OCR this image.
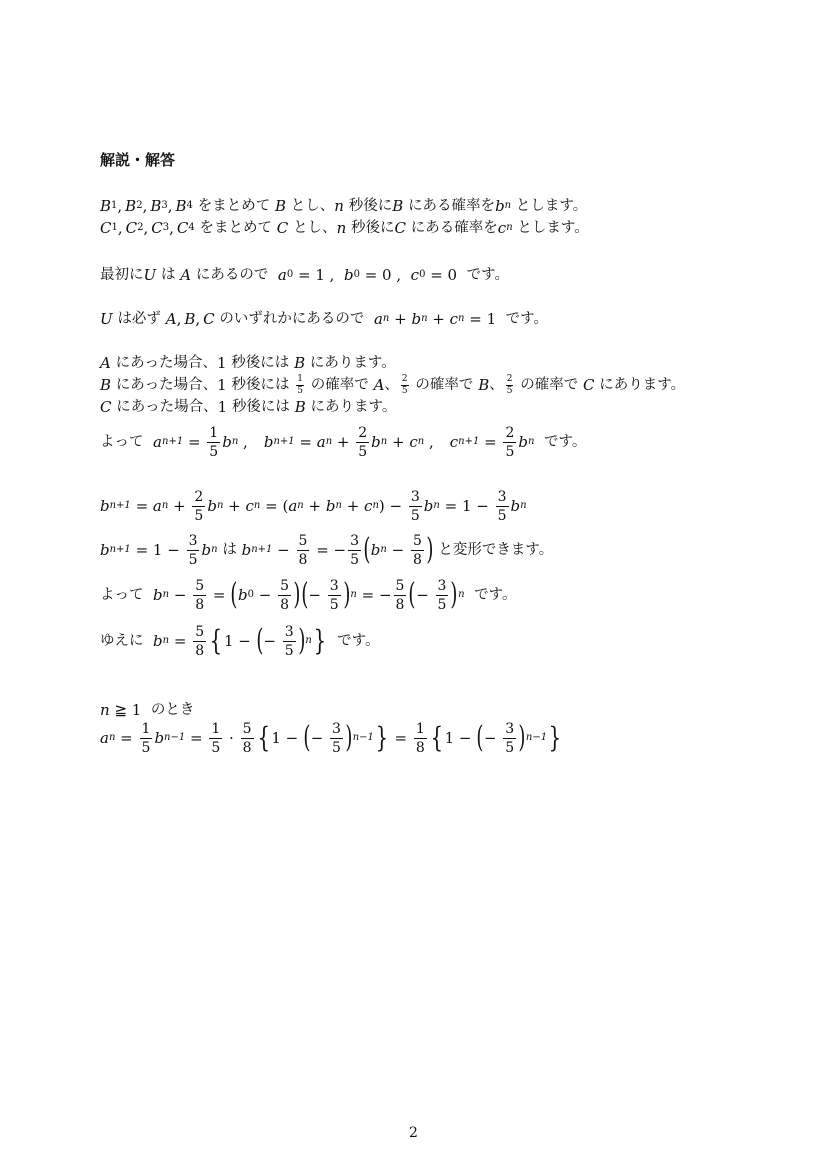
解説・解答
B 1 ,  B 2 ,  B 3 ,  B 4
をまとめて
B
とし、 n
秒後に B
にある確率を b n
とします。
C 1 ,  C 2 ,  C 3 ,  C 4
をまとめて
C
とし、 n
秒後に C
にある確率を c n
とします。
最初に U
は
A
にあるので
a 0 = 1 , b 0 = 0 , c 0 = 0 です。
U
は必ず
A ,  B ,  C
のいずれかにあるので
a n + b n + c n = 1 です。
A
にあった場合、 1 秒後には
B
にあります。
B
にあった場合、 1 秒後には
$\frac{1}{5}$
の確率で
A 、 $\frac{2}{5}$
の確率で
B 、 $\frac{2}{5}$
の確率で
C
にあります。
C
にあった場合、 1 秒後には
B
にあります。
よって
a $n+1 = \frac{1}{5}$ b n , b n+1 = a $n + \frac{2}{5}$ b n + c n , c $n+1 = \frac{2}{5}$ b n
です。
b n+1 = a $n + \frac{2}{5}$ b n + c n = ( a n + b n + c n ) − $\frac{3}{5}$ b $n = 1 - \frac{3}{5}$ b n
b $n+1 = 1 - \frac{3}{5}$ b n
は
b $n+1 - \frac{5}{8}$ = − $\frac{3}{5}$ ( b $n - \frac{5}{8}$ )
と変形できます。
よって
b $n - \frac{5}{8}$ = ( b $0 - \frac{5}{8}$ ) ( − $\frac{3}{5}$ ) n = − $\frac{5}{8}$ ( − $\frac{3}{5}$ ) n
です。
ゆえに
b $n = \frac{5}{8}$ { 1 − ( − $\frac{3}{5}$ ) n }
です。
n ≧ 1 のとき
a $n = \frac{1}{5}$ b $n-1 = \frac{1}{5} \cdot \frac{5}{8}$ { 1 − ( − $\frac{3}{5}$ ) n−1 } = $\frac{1}{8}$ { 1 − ( − $\frac{3}{5}$ ) n−1 }
2
